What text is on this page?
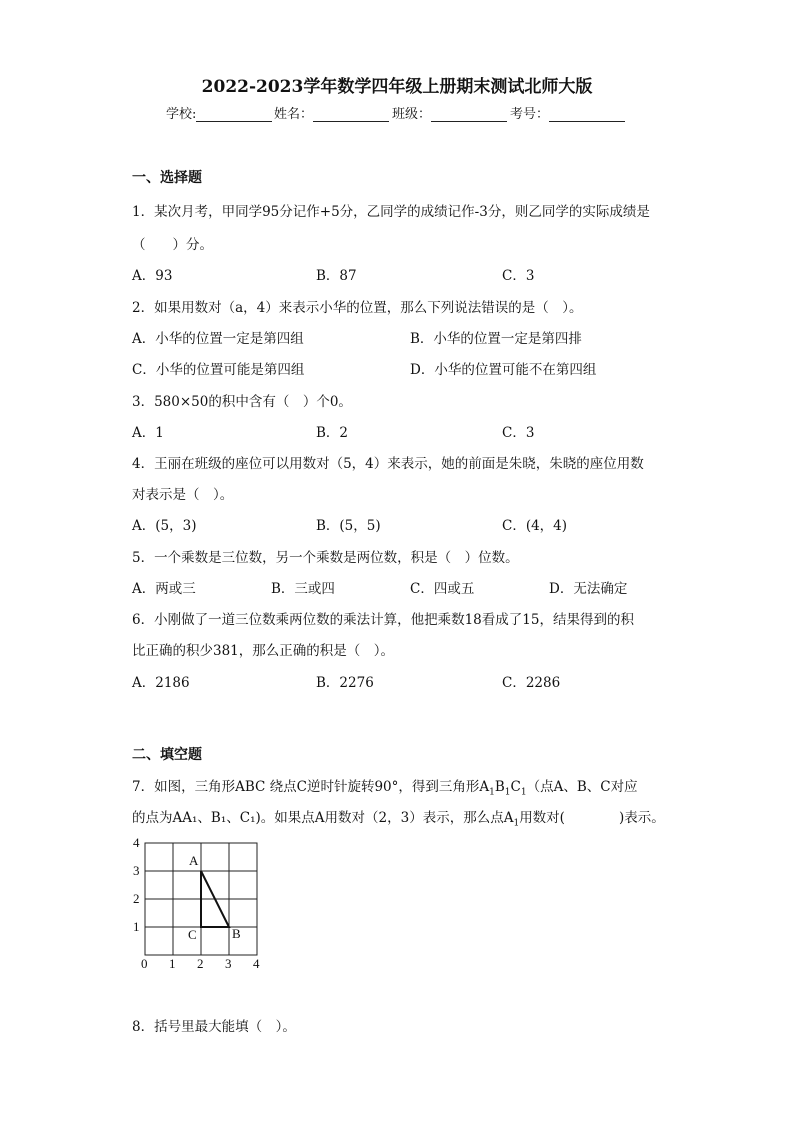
2022-2023学年数学四年级上册期末测试北师大版
学校:	姓名：	班级：	考号：
一、选择题
1．某次月考，甲同学95分记作+5分，乙同学的成绩记作-3分，则乙同学的实际成绩是
（　　）分。
A．93	B．87	C．3
2．如果用数对（a，4）来表示小华的位置，那么下列说法错误的是（　）。
A．小华的位置一定是第四组	B．小华的位置一定是第四排
C．小华的位置可能是第四组	D．小华的位置可能不在第四组
3．580×50的积中含有（　）个0。
A．1	B．2	C．3
4．王丽在班级的座位可以用数对（5，4）来表示，她的前面是朱晓，朱晓的座位用数
对表示是（　）。
A．(5，3)	B．(5，5)	C．(4，4)
5．一个乘数是三位数，另一个乘数是两位数，积是（　）位数。
A．两或三	B．三或四	C．四或五	D．无法确定
6．小刚做了一道三位数乘两位数的乘法计算，他把乘数18看成了15，结果得到的积
比正确的积少381，那么正确的积是（　）。
A．2186	B．2276	C．2286
二、填空题
7．如图，三角形ABC 绕点C逆时针旋转90°，得到三角形$A_1B_1C_1$（点A、B、C对应
的点为AA₁、B₁、C₁)。如果点A用数对（2，3）表示，那么点$A_1$用数对(　　　　)表示。
4
3
2
1
0 1 2 3 4
A
B
C
8．括号里最大能填（　）。
